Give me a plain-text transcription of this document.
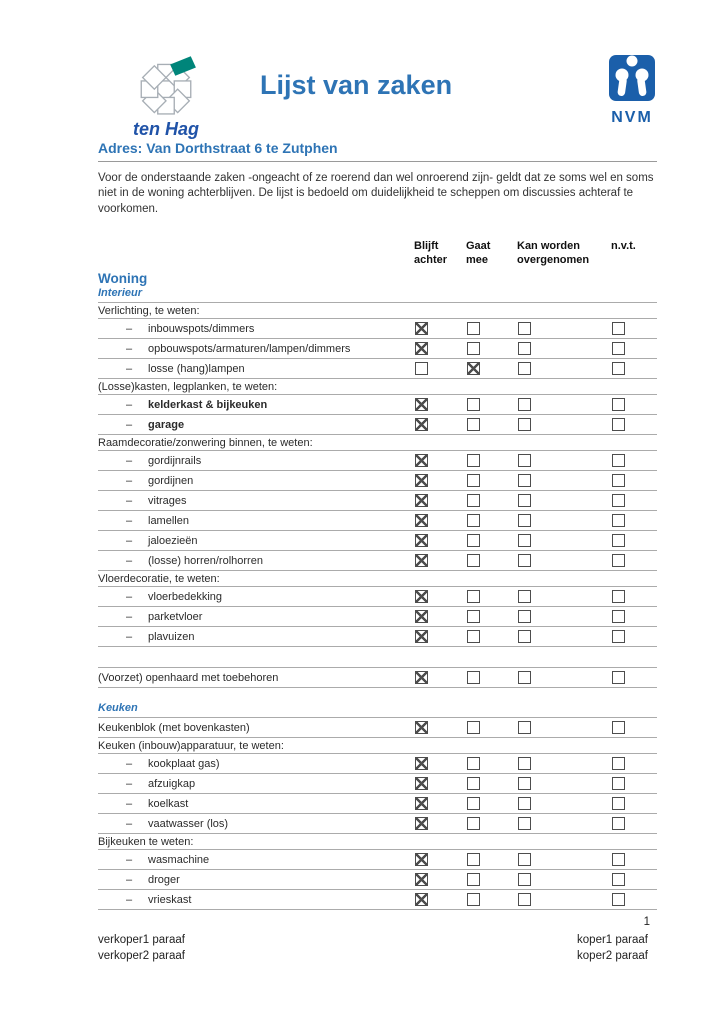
ten Hag
Lijst van zaken
NVM
Adres: Van Dorthstraat 6 te Zutphen

Voor de onderstaande zaken -ongeacht of ze roerend dan wel onroerend zijn- geldt dat ze soms wel en soms niet in de woning achterblijven. De lijst is bedoeld om duidelijkheid te scheppen om discussies achteraf te voorkomen.

Blijft
achter
Gaat
mee
Kan worden
overgenomen
n.v.t.
Woning
Interieur
Verlichting, te weten:
– inbouwspots/dimmers
– opbouwspots/armaturen/lampen/dimmers
– losse (hang)lampen
(Losse)kasten, legplanken, te weten:
– kelderkast & bijkeuken
– garage
Raamdecoratie/zonwering binnen, te weten:
– gordijnrails
– gordijnen
– vitrages
– lamellen
– jaloezieën
– (losse) horren/rolhorren
Vloerdecoratie, te weten:
– vloerbedekking
– parketvloer
– plavuizen
(Voorzet) openhaard met toebehoren
Keuken
Keukenblok (met bovenkasten)
Keuken (inbouw)apparatuur, te weten:
– kookplaat gas)
– afzuigkap
– koelkast
– vaatwasser (los)
Bijkeuken te weten:
– wasmachine
– droger
– vrieskast
1
verkoper1 paraaf
verkoper2 paraaf
koper1 paraaf
koper2 paraaf
